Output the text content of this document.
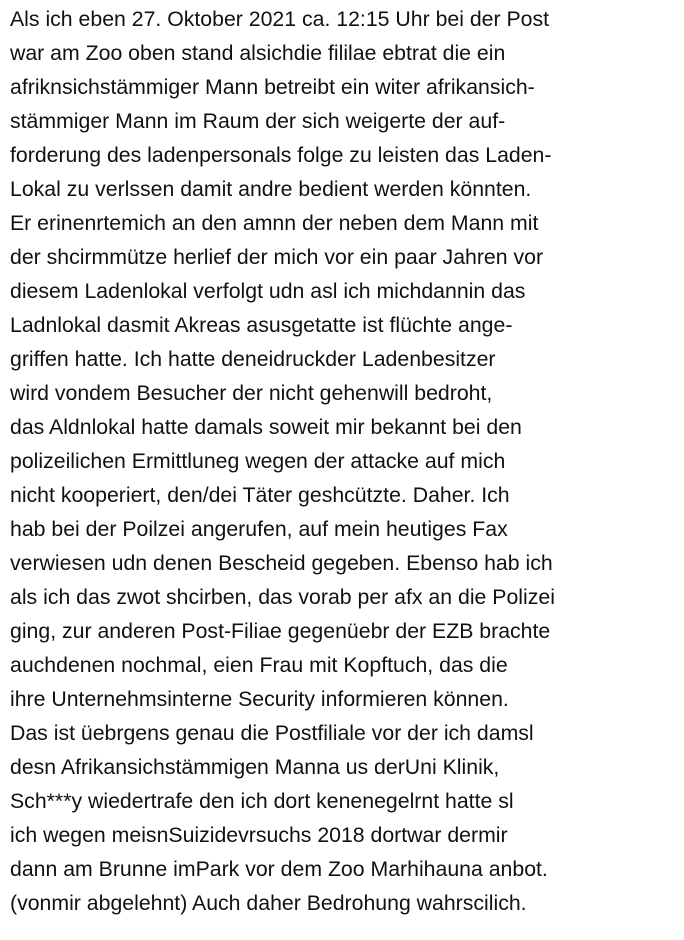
Als ich eben 27. Oktober 2021 ca. 12:15 Uhr bei der Post
war am Zoo oben stand alsichdie fililae ebtrat die ein
afriknsichstämmiger Mann betreibt ein witer afrikansich-
stämmiger Mann im Raum der sich weigerte der auf-
forderung des ladenpersonals folge zu leisten das Laden-
Lokal zu verlssen damit andre bedient werden könnten.
Er erinenrtemich an den amnn der neben dem Mann mit
der shcirmmütze herlief der mich vor ein paar Jahren vor
diesem Ladenlokal verfolgt udn asl ich michdannin das
Ladnlokal dasmit Akreas asusgetatte ist flüchte ange-
griffen hatte. Ich hatte deneidruckder Ladenbesitzer
wird vondem Besucher der nicht gehenwill bedroht,
das Aldnlokal hatte damals soweit mir bekannt bei den
polizeilichen Ermittluneg wegen der attacke auf mich
nicht kooperiert, den/dei Täter geshcützte. Daher. Ich
hab bei der Poilzei angerufen, auf mein heutiges Fax
verwiesen udn denen Bescheid gegeben. Ebenso hab ich
als ich das zwot shcirben, das vorab per afx an die Polizei
ging, zur anderen Post-Filiae gegenüebr der EZB brachte
auchdenen nochmal, eien Frau mit Kopftuch, das die
ihre Unternehmsinterne Security informieren können.
Das ist üebrgens genau die Postfiliale vor der ich damsl
desn Afrikansichstämmigen Manna us derUni Klinik,
Sch***y wiedertrafe den ich dort kenenegelrnt hatte sl
ich wegen meisnSuizidevrsuchs 2018 dortwar dermir
dann am Brunne imPark vor dem Zoo Marhihauna anbot.
(vonmir abgelehnt) Auch daher Bedrohung wahrscilich.
